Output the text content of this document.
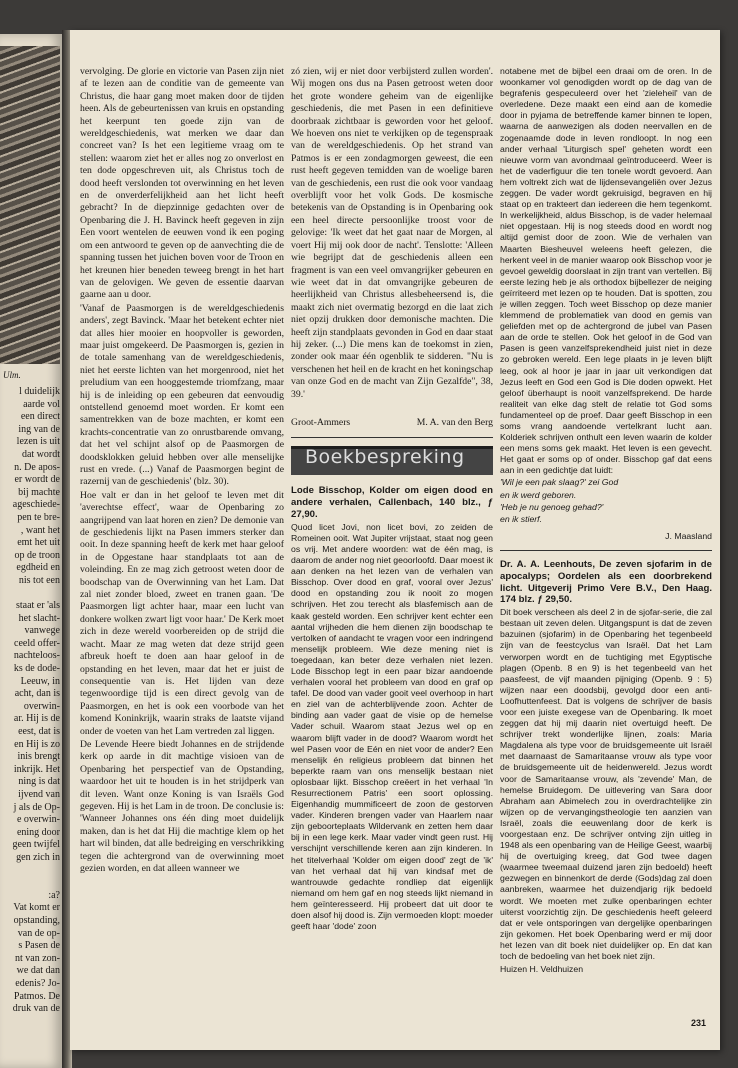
Ulm.
l duidelijk
aarde vol
een direct
ing van de
lezen is uit
dat wordt
n. De apos-
er wordt de
bij machte
ageschiede-
pen te bre-
, want het
emt het uit
op de troon
egdheid en
nis tot een
staat er 'als
het slacht-
vanwege
ceeld offer-
nachteloos-
ks de dode-
Leeuw, in
acht, dan is
overwin-
ar. Hij is de
eest, dat is
en Hij is zo
inis brengt
inkrijk. Het
ning is dat
ijvend van
j als de Op-
e overwin-
ening door
geen twijfel
gen zich in
:a?
Vat komt er
opstanding,
van de op-
s Pasen de
nt van zon-
we dat dan
edenis? Jo-
Patmos. De
druk van de

vervolging. De glorie en victorie van Pasen zijn niet af te lezen aan de conditie van de gemeente van Christus, die haar gang moet maken door de tijden heen. Als de gebeurtenissen van kruis en opstanding het keerpunt ten goede zijn van de wereldgeschiedenis, wat merken we daar dan concreet van? Is het een legitieme vraag om te stellen: waarom ziet het er alles nog zo onverlost en ten dode opgeschreven uit, als Christus toch de dood heeft verslonden tot overwinning en het leven en de onverderfelijkheid aan het licht heeft gebracht? In de diepzinnige gedachten over de Openbaring die J. H. Bavinck heeft gegeven in zijn Een voort wentelen de eeuwen vond ik een poging om een antwoord te geven op de aanvechting die de spanning tussen het juichen boven voor de Troon en het kreunen hier beneden teweeg brengt in het hart van de gelovigen. We geven de essentie daarvan gaarne aan u door.

'Vanaf de Paasmorgen is de wereldgeschiedenis anders', zegt Bavinck. 'Maar het betekent echter niet dat alles hier mooier en hoopvoller is geworden, maar juist omgekeerd. De Paasmorgen is, gezien in de totale samenhang van de wereldgeschiedenis, niet het eerste lichten van het morgenrood, niet het preludium van een hooggestemde triomfzang, maar hij is de inleiding op een gebeuren dat eenvoudig ontstellend genoemd moet worden. Er komt een samentrekken van de boze machten, er komt een krachts-concentratie van zo onrustbarende omvang, dat het vel schijnt alsof op de Paasmorgen de doodsklokken geluid hebben over alle menselijke rust en vrede. (...) Vanaf de Paasmorgen begint de razernij van de geschiedenis' (blz. 30).

Hoe valt er dan in het geloof te leven met dit 'averechtse effect', waar de Openbaring zo aangrijpend van laat horen en zien? De demonie van de geschiedenis lijkt na Pasen immers sterker dan ooit. In deze spanning heeft de kerk met haar geloof in de Opgestane haar standplaats tot aan de voleinding. En ze mag zich getroost weten door de boodschap van de Overwinning van het Lam. Dat zal niet zonder bloed, zweet en tranen gaan. 'De Paasmorgen ligt achter haar, maar een lucht van donkere wolken zwart ligt voor haar.' De Kerk moet zich in deze wereld voorbereiden op de strijd die wacht. Maar ze mag weten dat deze strijd geen afbreuk hoeft te doen aan haar geloof in de opstanding en het leven, maar dat het er juist de consequentie van is. Het lijden van deze tegenwoordige tijd is een direct gevolg van de Paasmorgen, en het is ook een voorbode van het komend Koninkrijk, waarin straks de laatste vijand onder de voeten van het Lam vertreden zal liggen.

De Levende Heere biedt Johannes en de strijdende kerk op aarde in dit machtige visioen van de Openbaring het perspectief van de Opstanding, waardoor het uit te houden is in het strijdperk van dit leven. Want onze Koning is van Israëls God gegeven. Hij is het Lam in de troon. De conclusie is: 'Wanneer Johannes ons één ding moet duidelijk maken, dan is het dat Hij die machtige klem op het hart wil binden, dat alle bedreiging en verschrikking tegen die achtergrond van de overwinning moet gezien worden, en dat alleen wanneer we

zó zien, wij er niet door verbijsterd zullen worden'. Wij mogen ons dus na Pasen getroost weten door het grote wondere geheim van de eigenlijke geschiedenis, die met Pasen in een definitieve doorbraak zichtbaar is geworden voor het geloof. We hoeven ons niet te verkijken op de tegenspraak van de wereldgeschiedenis. Op het strand van Patmos is er een zondagmorgen geweest, die een rust heeft gegeven temidden van de woelige baren van de geschiedenis, een rust die ook voor vandaag overblijft voor het volk Gods. De kosmische betekenis van de Opstanding is in Openbaring ook een heel directe persoonlijke troost voor de gelovige: 'Ik weet dat het gaat naar de Morgen, al voert Hij mij ook door de nacht'. Tenslotte: 'Alleen wie begrijpt dat de geschiedenis alleen een fragment is van een veel omvangrijker gebeuren en wie weet dat in dat omvangrijke gebeuren de heerlijkheid van Christus allesbeheersend is, die maakt zich niet overmatig bezorgd en die laat zich niet opzij drukken door demonische machten. Die heeft zijn standplaats gevonden in God en daar staat hij zeker. (...) Die mens kan de toekomst in zien, zonder ook maar één ogenblik te sidderen. "Nu is verschenen het heil en de kracht en het koningschap van onze God en de macht van Zijn Gezalfde", 38, 39.'

Groot-Ammers	M. A. van den Berg
Boekbespreking
Lode Bisschop, Kolder om eigen dood en andere verhalen, Callenbach, 140 blz., ƒ 27,90.
Quod licet Jovi, non licet bovi, zo zeiden de Romeinen ooit. Wat Jupiter vrijstaat, staat nog geen os vrij. Met andere woorden: wat de één mag, is daarom de ander nog niet geoorloofd. Daar moest ik aan denken na het lezen van de verhalen van Bisschop. Over dood en graf, vooral over Jezus' dood en opstanding zou ik nooit zo mogen schrijven. Het zou terecht als blasfemisch aan de kaak gesteld worden. Een schrijver kent echter een aantal vrijheden die hem dienen zijn boodschap te vertolken of aandacht te vragen voor een indringend menselijk probleem. Wie deze mening niet is toegedaan, kan beter deze verhalen niet lezen. Lode Bisschop legt in een paar bizar aandoende verhalen vooral het probleem van dood en graf op tafel. De dood van vader gooit veel overhoop in hart en ziel van de achterblijvende zoon. Achter de binding aan vader gaat de visie op de hemelse Vader schuil. Waarom staat Jezus wel op en waarom blijft vader in de dood? Waarom wordt het wel Pasen voor de Eén en niet voor de ander? Een menselijk én religieus probleem dat binnen het beperkte raam van ons menselijk bestaan niet oplosbaar lijkt. Bisschop creëert in het verhaal 'In Resurrectionem Patris' een soort oplossing. Eigenhandig mummificeert de zoon de gestorven vader. Kinderen brengen vader van Haarlem naar zijn geboorteplaats Wildervank en zetten hem daar bij in een lege kerk. Maar vader vindt geen rust. Hij verschijnt verschillende keren aan zijn kinderen. In het titelverhaal 'Kolder om eigen dood' zegt de 'ik' van het verhaal dat hij van kindsaf met de wantrouwde gedachte rondliep dat eigenlijk niemand om hem gaf en nog steeds lijkt niemand in hem geïnteresseerd. Hij probeert dat uit door te doen alsof hij dood is. Zijn vermoeden klopt: moeder geeft haar 'dode' zoon
notabene met de bijbel een draai om de oren. In de woonkamer vol genodigden wordt op de dag van de begrafenis gespeculeerd over het 'zieleheil' van de overledene. Deze maakt een eind aan de komedie door in pyjama de betreffende kamer binnen te lopen, waarna de aanwezigen als doden neervallen en de zogenaamde dode in leven rondloopt. In nog een ander verhaal 'Liturgisch spel' geheten wordt een nieuwe vorm van avondmaal geïntroduceerd. Weer is het de vaderfiguur die ten tonele wordt gevoerd. Aan hem voltrekt zich wat de lijdensevangeliën over Jezus zeggen. De vader wordt gekruisigd, begraven en hij staat op en trakteert dan iedereen die hem tegenkomt. In werkelijkheid, aldus Bisschop, is de vader helemaal niet opgestaan. Hij is nog steeds dood en wordt nog altijd gemist door de zoon. Wie de verhalen van Maarten Biesheuvel weleens heeft gelezen, die herkent veel in de manier waarop ook Bisschop voor je gevoel geweldig doorslaat in zijn trant van vertellen. Bij eerste lezing heb je als orthodox bijbellezer de neiging geïrriteerd met lezen op te houden. Dat is spotten, zou je willen zeggen. Toch weet Bisschop op deze manier klemmend de problematiek van dood en gemis van geliefden met op de achtergrond de jubel van Pasen aan de orde te stellen. Ook het geloof in de God van Pasen is geen vanzelfsprekendheid juist niet in deze zo gebroken wereld. Een lege plaats in je leven blijft leeg, ook al hoor je jaar in jaar uit verkondigen dat Jezus leeft en God een God is Die doden opwekt. Het geloof überhaupt is nooit vanzelfsprekend. De harde realiteit van elke dag stelt de relatie tot God soms fundamenteel op de proef. Daar geeft Bisschop in een soms vrang aandoende vertelkrant lucht aan. Kolderiek schrijven onthult een leven waarin de kolder een mens soms gek maakt. Het leven is een gevecht. Het gaat er soms op of onder. Bisschop gaf dat eens aan in een gedichtje dat luidt:

'Wil je een pak slaag?' zei God

en ik werd geboren.

'Heb je nu genoeg gehad?'

en ik stierf.

J. Maasland
Dr. A. A. Leenhouts, De zeven sjofarim in de apocalyps; Oordelen als een doorbrekend licht. Uitgeverij Primo Vere B.V., Den Haag. 174 blz. ƒ 29,50.
Dit boek verscheen als deel 2 in de sjofar-serie, die zal bestaan uit zeven delen. Uitgangspunt is dat de zeven bazuinen (sjofarim) in de Openbaring het tegenbeeld zijn van de feestcyclus van Israël. Dat het Lam verworpen wordt en de tuchtiging met Egyptische plagen (Openb. 8 en 9) is het tegenbeeld van het paasfeest, de vijf maanden pijniging (Openb. 9 : 5) wijzen naar een doodsbij, gevolgd door een anti-Loofhuttenfeest. Dat is volgens de schrijver de basis voor een juiste exegese van de Openbaring. Ik moet zeggen dat hij mij daarin niet overtuigd heeft. De schrijver trekt wonderlijke lijnen, zoals: Maria Magdalena als type voor de bruidsgemeente uit Israël met daarnaast de Samaritaanse vrouw als type voor de bruidsgemeente uit de heidenwereld. Jezus wordt voor de Samaritaanse vrouw, als 'zevende' Man, de hemelse Bruidegom. De uitlevering van Sara door Abraham aan Abimelech zou in overdrachtelijke zin wijzen op de vervangingstheologie ten aanzien van Israël, zoals die eeuwenlang door de kerk is voorgestaan enz. De schrijver ontving zijn uitleg in 1948 als een openbaring van de Heilige Geest, waarbij hij de overtuiging kreeg, dat God twee dagen (waarmee tweemaal duizend jaren zijn bedoeld) heeft gezwegen en binnenkort de derde (Gods)dag zal doen aanbreken, waarmee het duizendjarig rijk bedoeld wordt. We moeten met zulke openbaringen echter uiterst voorzichtig zijn. De geschiedenis heeft geleerd dat er vele ontsporingen van dergelijke openbaringen zijn gekomen. Het boek Openbaring werd er mij door het lezen van dit boek niet duidelijker op. En dat kan toch de bedoeling van het boek niet zijn.
Huizen H. Veldhuizen
231
